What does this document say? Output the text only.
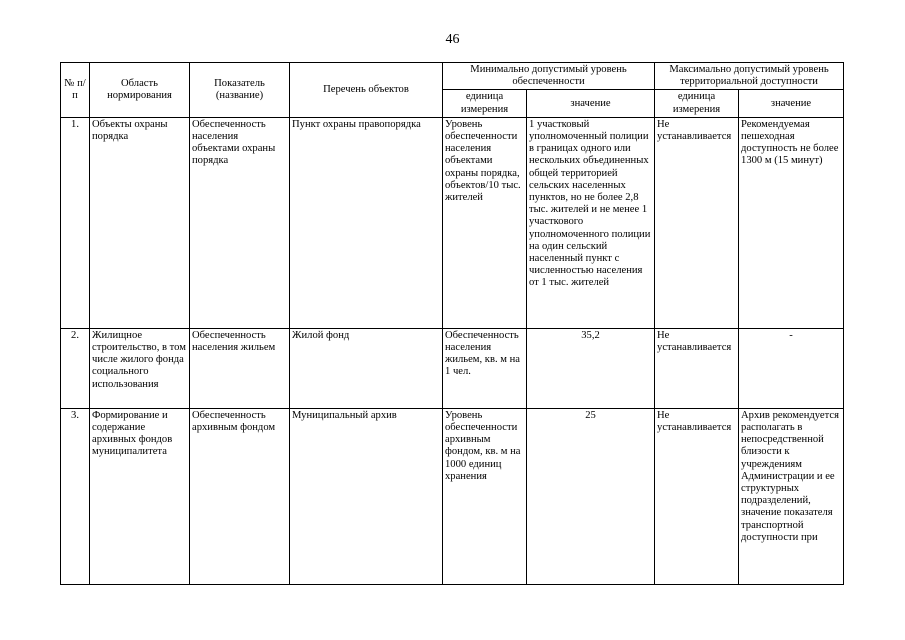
46
№ п/п	Область нормирования	Показатель (название)	Перечень объектов	Минимально допустимый уровень обеспеченности		Максимально допустимый уровень территориальной доступности	
				единица измерения	значение	единица измерения	значение
1.	Объекты охраны порядка	Обеспеченность населения объектами охраны порядка	Пункт охраны правопорядка	Уровень обеспеченности населения объектами охраны порядка, объектов/10 тыс. жителей	1 участковый уполномоченный полиции в границах одного или нескольких объединенных общей территорией сельских населенных пунктов, но не более 2,8 тыс. жителей и не менее 1 участкового уполномоченного полиции на один сельский населенный пункт с численностью населения от 1 тыс. жителей	Не устанавливается	Рекомендуемая пешеходная доступность не более 1300 м (15 минут)
2.	Жилищное строительство, в том числе жилого фонда социального использования	Обеспеченность населения жильем	Жилой фонд	Обеспеченность населения жильем, кв. м на 1 чел.	35,2	Не устанавливается	-
3.	Формирование и содержание архивных фондов муниципалитета	Обеспеченность архивным фондом	Муниципальный архив	Уровень обеспеченности архивным фондом, кв. м на 1000 единиц хранения	25	Не устанавливается	Архив рекомендуется располагать в непосредственной близости к учреждениям Администрации и ее структурных подразделений, значение показателя транспортной доступности при
